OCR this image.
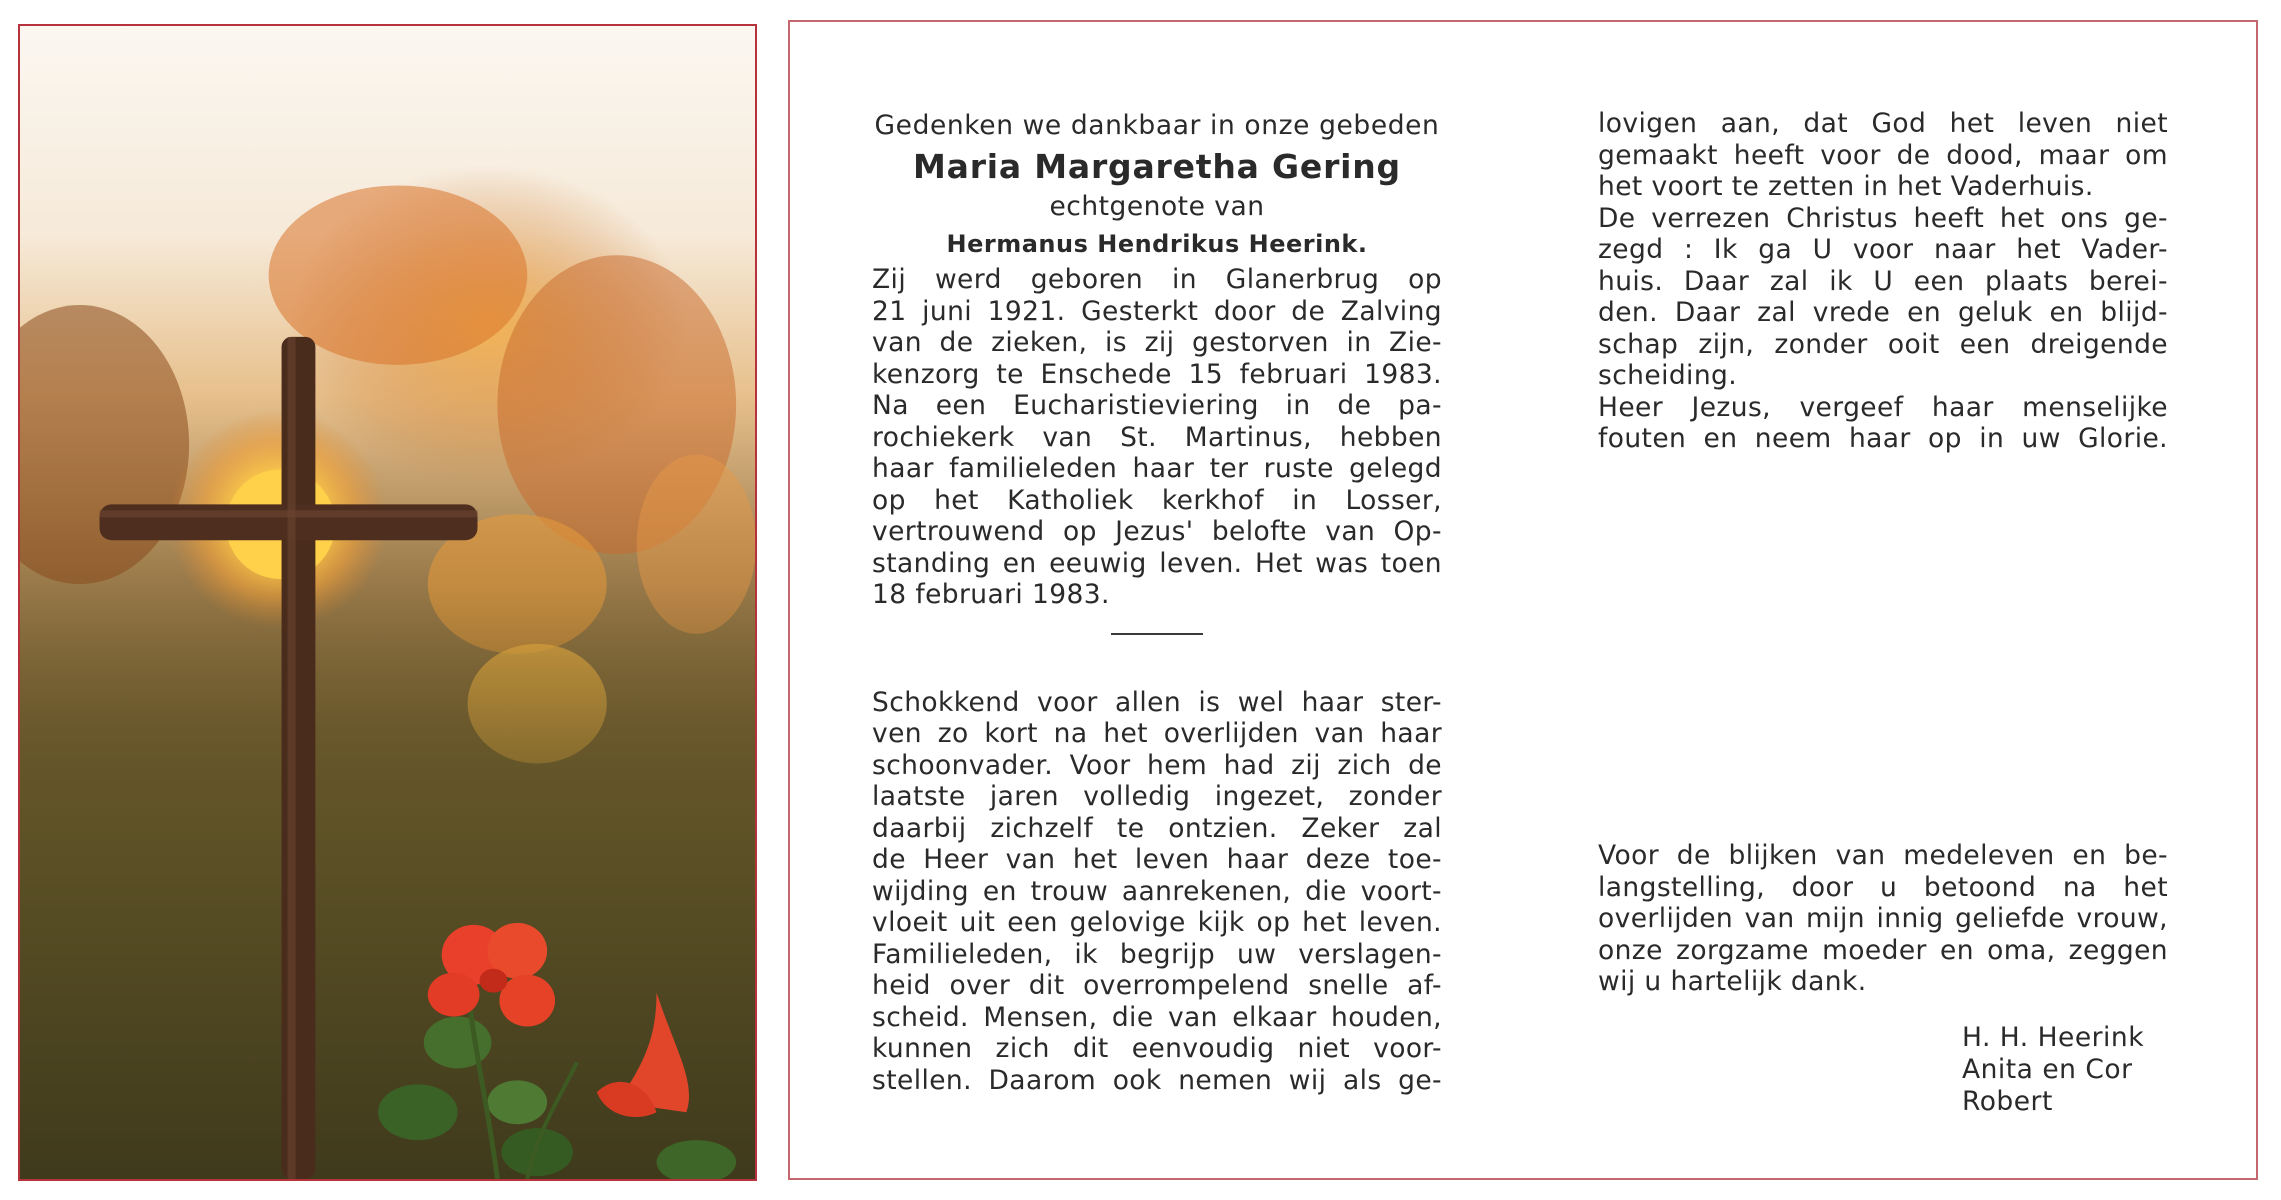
Gedenken we dankbaar in onze gebeden
Maria Margaretha Gering
echtgenote van
Hermanus Hendrikus Heerink.
Zij werd geboren in Glanerbrug op
21 juni 1921. Gesterkt door de Zalving
van de zieken, is zij gestorven in Zie-
kenzorg te Enschede 15 februari 1983.
Na een Eucharistieviering in de pa-
rochiekerk van St. Martinus, hebben
haar familieleden haar ter ruste gelegd
op het Katholiek kerkhof in Losser,
vertrouwend op Jezus' belofte van Op-
standing en eeuwig leven. Het was toen
18 februari 1983.
Schokkend voor allen is wel haar ster-
ven zo kort na het overlijden van haar
schoonvader. Voor hem had zij zich de
laatste jaren volledig ingezet, zonder
daarbij zichzelf te ontzien. Zeker zal
de Heer van het leven haar deze toe-
wijding en trouw aanrekenen, die voort-
vloeit uit een gelovige kijk op het leven.
Familieleden, ik begrijp uw verslagen-
heid over dit overrompelend snelle af-
scheid. Mensen, die van elkaar houden,
kunnen zich dit eenvoudig niet voor-
stellen. Daarom ook nemen wij als ge-
lovigen aan, dat God het leven niet
gemaakt heeft voor de dood, maar om
het voort te zetten in het Vaderhuis.
De verrezen Christus heeft het ons ge-
zegd : Ik ga U voor naar het Vader-
huis. Daar zal ik U een plaats berei-
den. Daar zal vrede en geluk en blijd-
schap zijn, zonder ooit een dreigende
scheiding.
Heer Jezus, vergeef haar menselijke
fouten en neem haar op in uw Glorie.
Voor de blijken van medeleven en be-
langstelling, door u betoond na het
overlijden van mijn innig geliefde vrouw,
onze zorgzame moeder en oma, zeggen
wij u hartelijk dank.
H. H. Heerink
Anita en Cor
Robert
